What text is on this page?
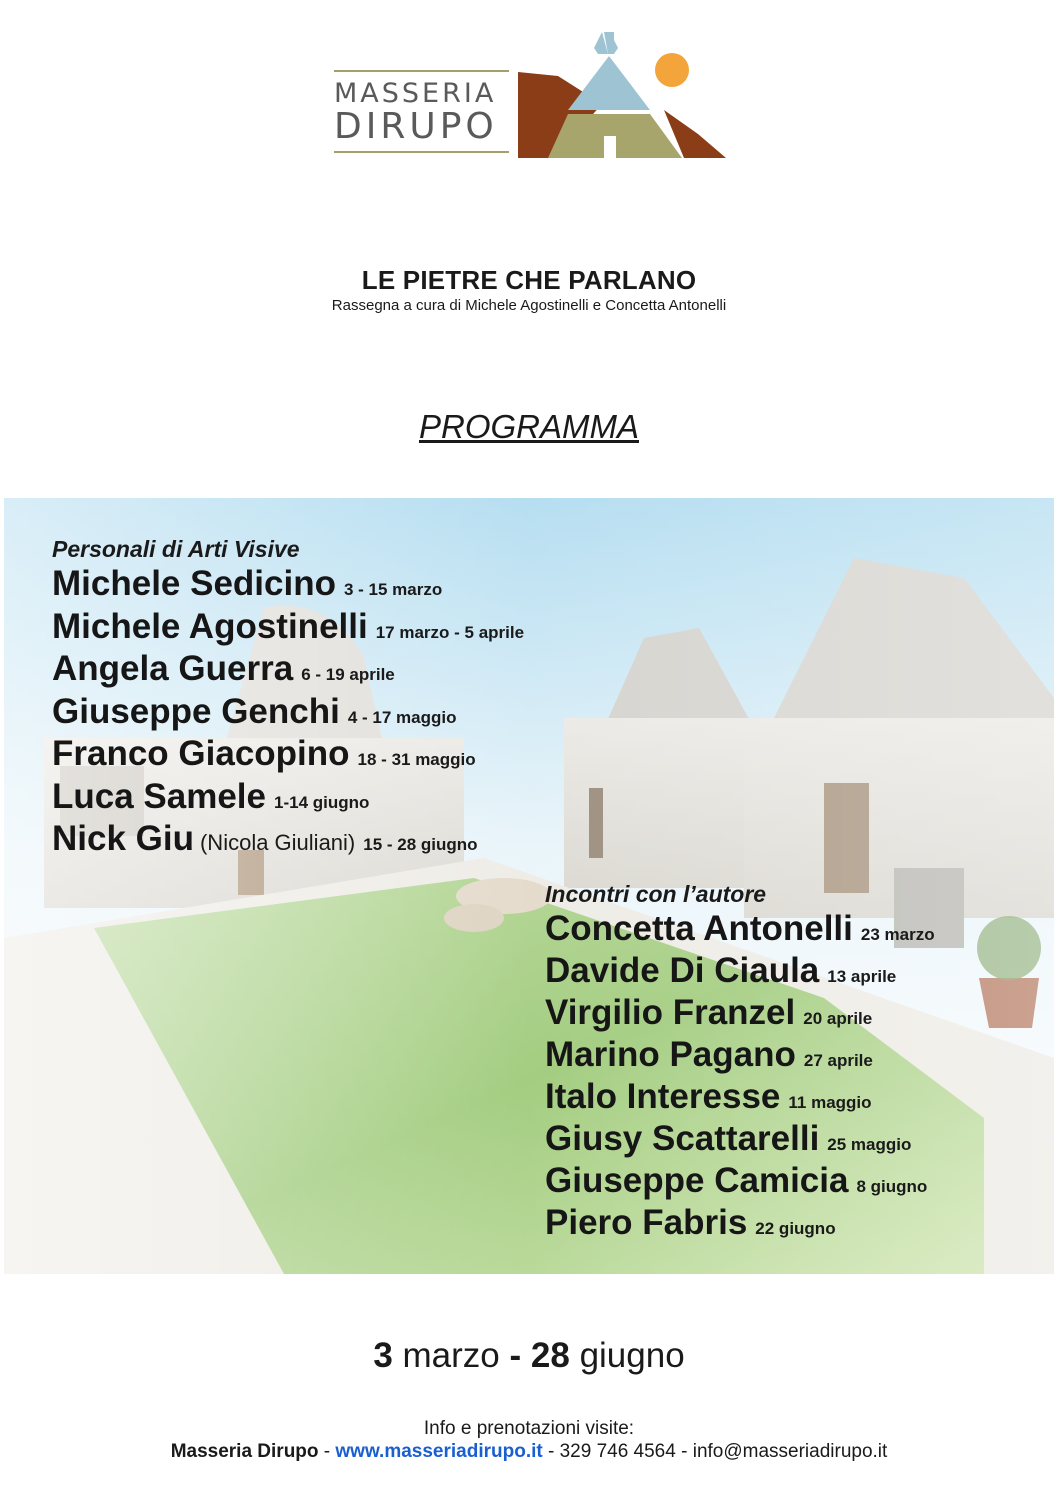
MASSERIA
DIRUPO
LE PIETRE CHE PARLANO
Rassegna a cura di Michele Agostinelli e Concetta Antonelli
PROGRAMMA
Personali di Arti Visive
Michele Sedicino 3 - 15 marzo
Michele Agostinelli 17 marzo - 5 aprile
Angela Guerra 6 - 19 aprile
Giuseppe Genchi 4 - 17 maggio
Franco Giacopino 18 - 31 maggio
Luca Samele 1-14 giugno
Nick Giu (Nicola Giuliani) 15 - 28 giugno
Incontri con l’autore
Concetta Antonelli 23 marzo
Davide Di Ciaula 13 aprile
Virgilio Franzel 20 aprile
Marino Pagano 27 aprile
Italo Interesse 11 maggio
Giusy Scattarelli 25 maggio
Giuseppe Camicia 8 giugno
Piero Fabris 22 giugno
3 marzo - 28 giugno
Info e prenotazioni visite:
Masseria Dirupo - www.masseriadirupo.it - 329 746 4564 - info@masseriadirupo.it
